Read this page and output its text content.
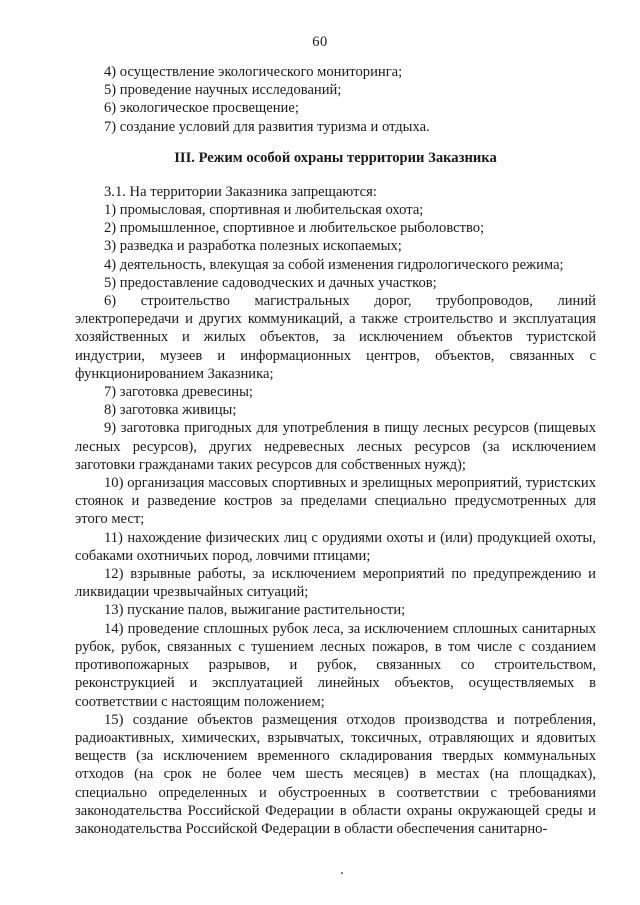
60

4) осуществление экологического мониторинга;

5) проведение научных исследований;

6) экологическое просвещение;

7) создание условий для развития туризма и отдыха.

III. Режим особой охраны территории Заказника

3.1. На территории Заказника запрещаются:

1) промысловая, спортивная и любительская охота;

2) промышленное, спортивное и любительское рыболовство;

3) разведка и разработка полезных ископаемых;

4) деятельность, влекущая за собой изменения гидрологического режима;

5) предоставление садоводческих и дачных участков;

6) строительство магистральных дорог, трубопроводов, линий электропередачи и других коммуникаций, а также строительство и эксплуатация хозяйственных и жилых объектов, за исключением объектов туристской индустрии, музеев и информационных центров, объектов, связанных с функционированием Заказника;

7) заготовка древесины;

8) заготовка живицы;

9) заготовка пригодных для употребления в пищу лесных ресурсов (пищевых лесных ресурсов), других недревесных лесных ресурсов (за исключением заготовки гражданами таких ресурсов для собственных нужд);

10) организация массовых спортивных и зрелищных мероприятий, туристских стоянок и разведение костров за пределами специально предусмотренных для этого мест;

11) нахождение физических лиц с орудиями охоты и (или) продукцией охоты, собаками охотничьих пород, ловчими птицами;

12) взрывные работы, за исключением мероприятий по предупреждению и ликвидации чрезвычайных ситуаций;

13) пускание палов, выжигание растительности;

14) проведение сплошных рубок леса, за исключением сплошных санитарных рубок, рубок, связанных с тушением лесных пожаров, в том числе с созданием противопожарных разрывов, и рубок, связанных со строительством, реконструкцией и эксплуатацией линейных объектов, осуществляемых в соответствии с настоящим положением;

15) создание объектов размещения отходов производства и потребления, радиоактивных, химических, взрывчатых, токсичных, отравляющих и ядовитых веществ (за исключением временного складирования твердых коммунальных отходов (на срок не более чем шесть месяцев) в местах (на площадках), специально определенных и обустроенных в соответствии с требованиями законодательства Российской Федерации в области охраны окружающей среды и законодательства Российской Федерации в области обеспечения санитарно-
